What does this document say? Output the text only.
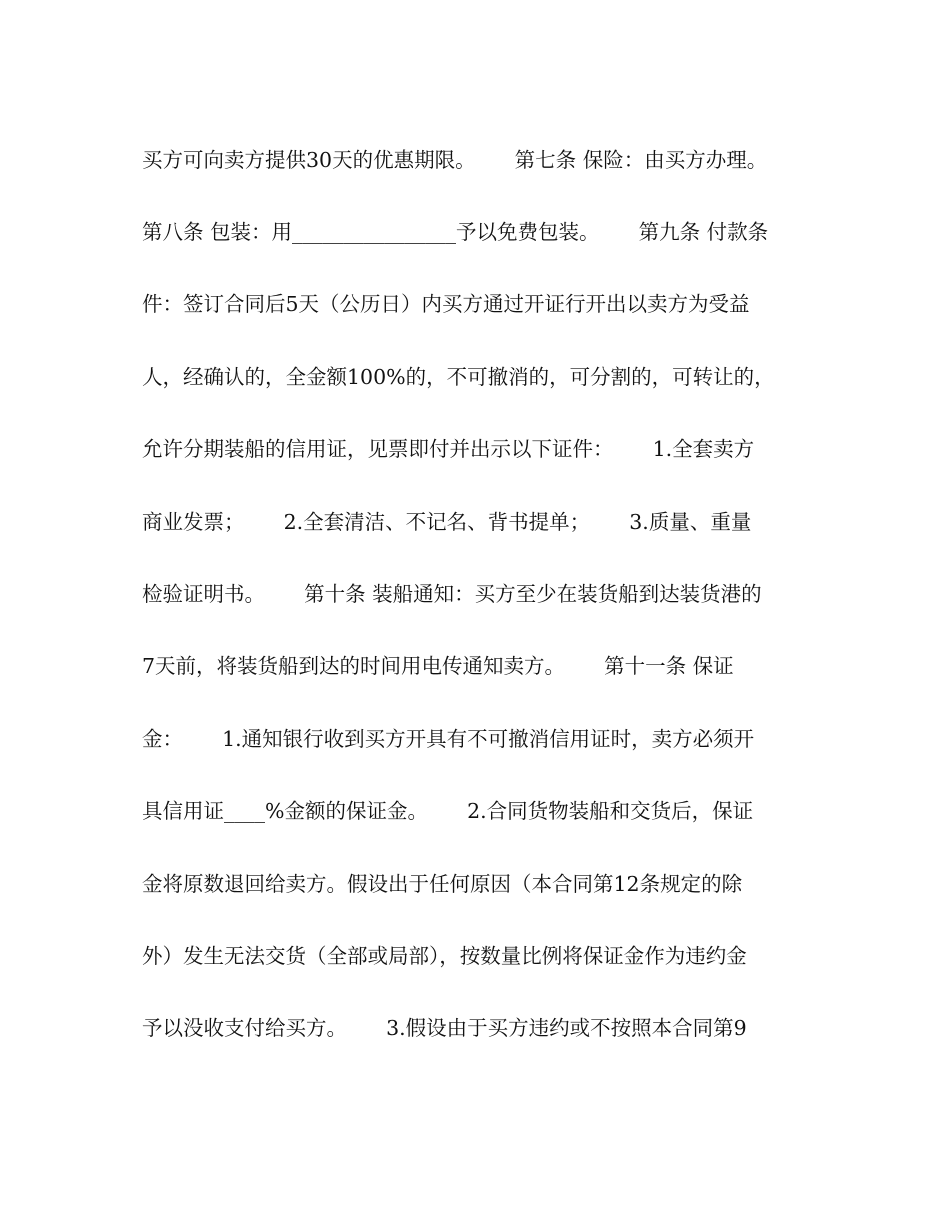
买方可向卖方提供30天的优惠期限。      第七条 保险：由买方办理。
第八条 包装：用________________予以免费包装。      第九条 付款条
件：签订合同后5天（公历日）内买方通过开证行开出以卖方为受益
人，经确认的，全金额100%的，不可撤消的，可分割的，可转让的，
允许分期装船的信用证，见票即付并出示以下证件：      1.全套卖方
商业发票；      2.全套清洁、不记名、背书提单；      3.质量、重量
检验证明书。      第十条 装船通知：买方至少在装货船到达装货港的
7天前，将装货船到达的时间用电传通知卖方。      第十一条 保证
金：      1.通知银行收到买方开具有不可撤消信用证时，卖方必须开
具信用证____%金额的保证金。      2.合同货物装船和交货后，保证
金将原数退回给卖方。假设出于任何原因（本合同第12条规定的除
外）发生无法交货（全部或局部），按数量比例将保证金作为违约金
予以没收支付给买方。      3.假设由于买方违约或不按照本合同第9
